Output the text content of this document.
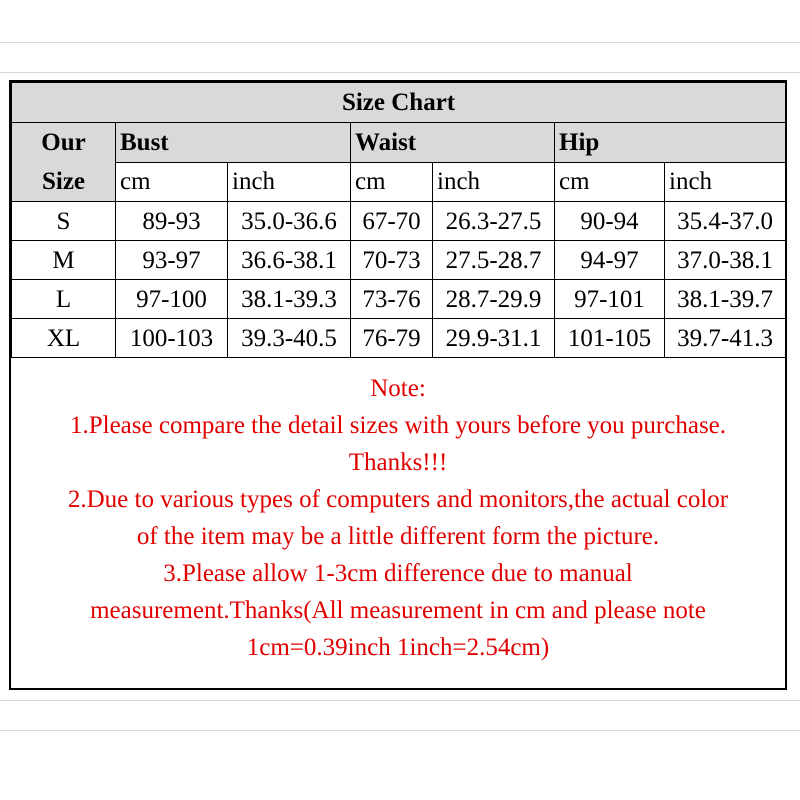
Size Chart						

Our
Size	Bust		Waist		Hip	
	cm	inch	cm	inch	cm	inch
S	89-93	35.0-36.6	67-70	26.3-27.5	90-94	35.4-37.0
M	93-97	36.6-38.1	70-73	27.5-28.7	94-97	37.0-38.1
L	97-100	38.1-39.3	73-76	28.7-29.9	97-101	38.1-39.7
XL	100-103	39.3-40.5	76-79	29.9-31.1	101-105	39.7-41.3
Note:
1.Please compare the detail sizes with yours before you purchase.
Thanks!!!
2.Due to various types of computers and monitors,the actual color
of the item may be a little different form the picture.
3.Please allow 1-3cm difference due to manual
measurement.Thanks(All measurement in cm and please note
1cm=0.39inch 1inch=2.54cm)
